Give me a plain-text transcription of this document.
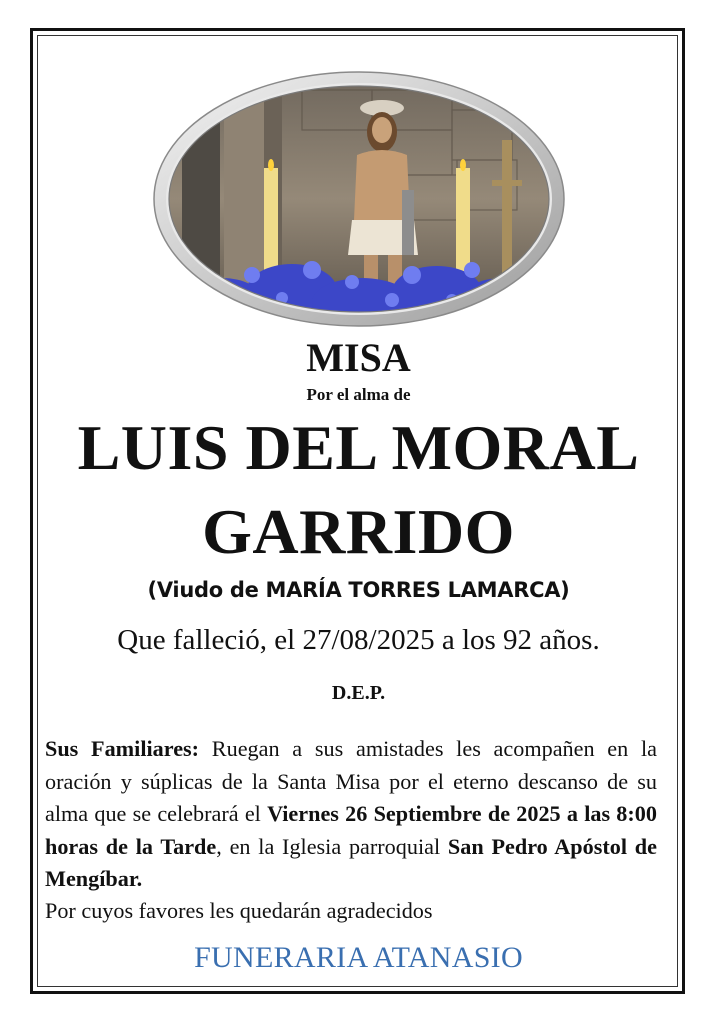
MISA
Por el alma de
LUIS DEL MORAL
GARRIDO
(Viudo de MARÍA TORRES LAMARCA)
Que falleció, el 27/08/2025 a los 92 años.
D.E.P.
Sus Familiares: Ruegan a sus amistades les acompañen en la oración y súplicas de la Santa Misa por el eterno descanso de su alma que se celebrará el Viernes 26 Septiembre de 2025 a las 8:00 horas de la Tarde, en la Iglesia parroquial San Pedro Apóstol de Mengíbar.
Por cuyos favores les quedarán agradecidos
FUNERARIA ATANASIO
